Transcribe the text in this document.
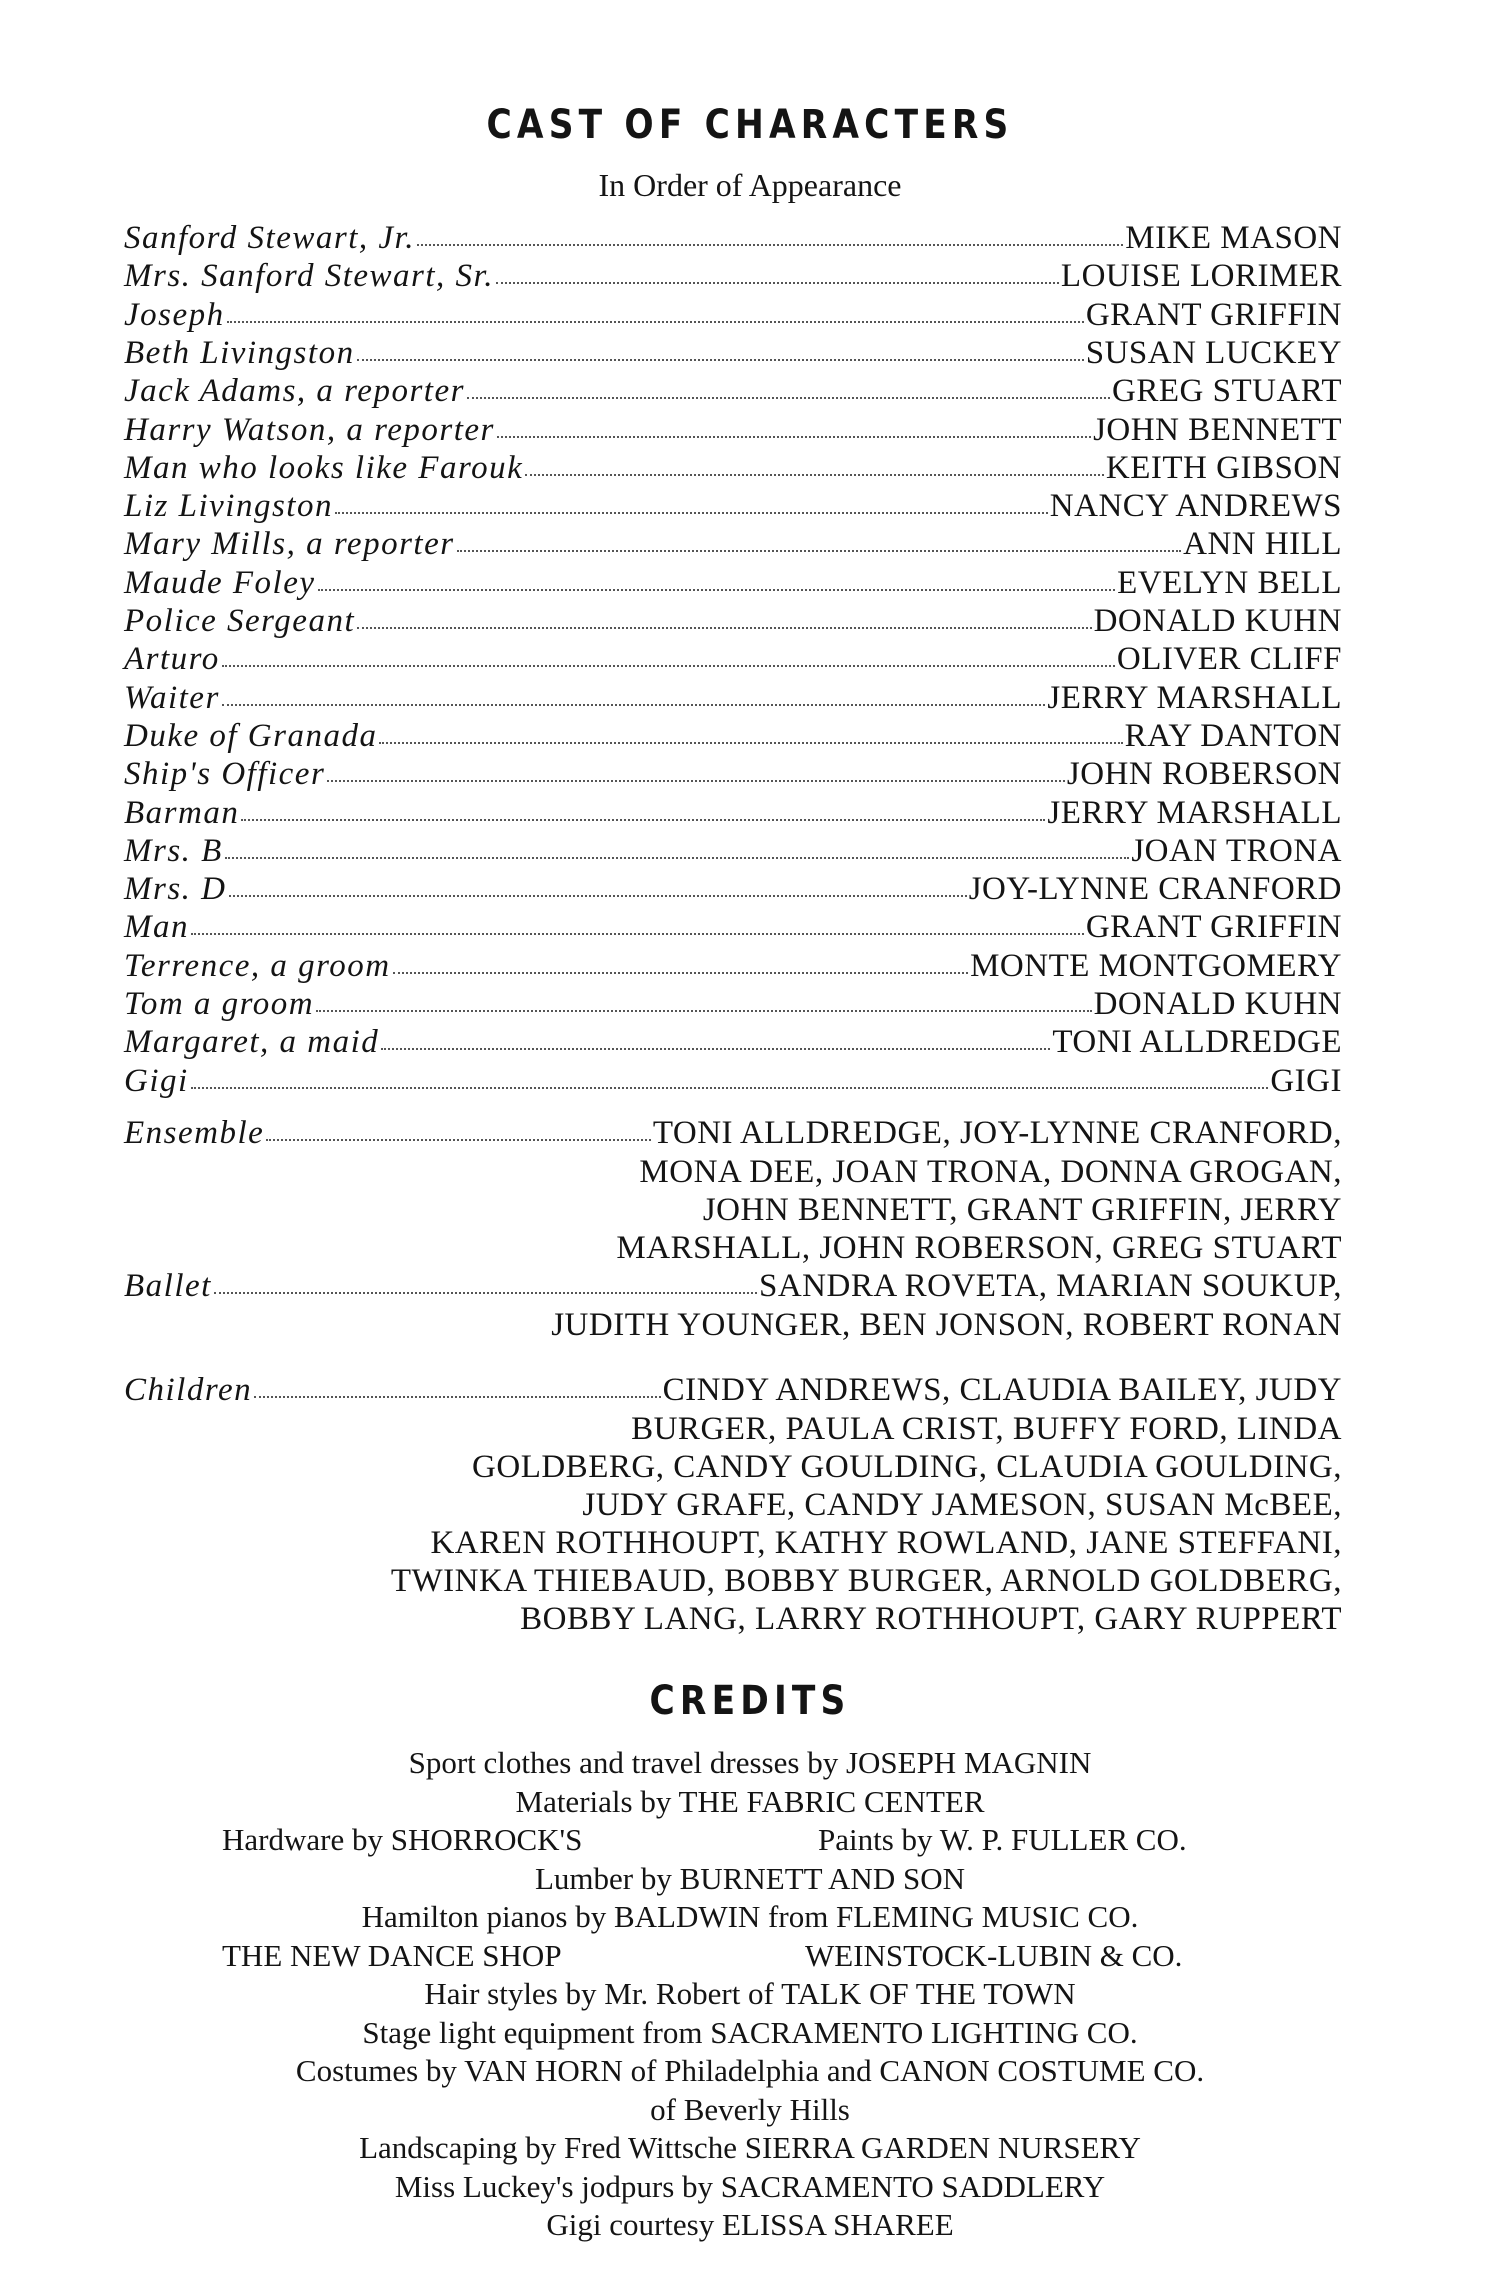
CAST OF CHARACTERS
In Order of Appearance
Sanford Stewart, Jr.	MIKE MASON
Mrs. Sanford Stewart, Sr.	LOUISE LORIMER
Joseph	GRANT GRIFFIN
Beth Livingston	SUSAN LUCKEY
Jack Adams, a reporter	GREG STUART
Harry Watson, a reporter	JOHN BENNETT
Man who looks like Farouk	KEITH GIBSON
Liz Livingston	NANCY ANDREWS
Mary Mills, a reporter	ANN HILL
Maude Foley	EVELYN BELL
Police Sergeant	DONALD KUHN
Arturo	OLIVER CLIFF
Waiter	JERRY MARSHALL
Duke of Granada	RAY DANTON
Ship's Officer	JOHN ROBERSON
Barman	JERRY MARSHALL
Mrs. B	JOAN TRONA
Mrs. D	JOY-LYNNE CRANFORD
Man	GRANT GRIFFIN
Terrence, a groom	MONTE MONTGOMERY
Tom a groom	DONALD KUHN
Margaret, a maid	TONI ALLDREDGE
Gigi	GIGI
Ensemble	TONI ALLDREDGE, JOY-LYNNE CRANFORD,
MONA DEE, JOAN TRONA, DONNA GROGAN,
JOHN BENNETT, GRANT GRIFFIN, JERRY
MARSHALL, JOHN ROBERSON, GREG STUART
Ballet	SANDRA ROVETA, MARIAN SOUKUP,
JUDITH YOUNGER, BEN JONSON, ROBERT RONAN
Children	CINDY ANDREWS, CLAUDIA BAILEY, JUDY
BURGER, PAULA CRIST, BUFFY FORD, LINDA
GOLDBERG, CANDY GOULDING, CLAUDIA GOULDING,
JUDY GRAFE, CANDY JAMESON, SUSAN McBEE,
KAREN ROTHHOUPT, KATHY ROWLAND, JANE STEFFANI,
TWINKA THIEBAUD, BOBBY BURGER, ARNOLD GOLDBERG,
BOBBY LANG, LARRY ROTHHOUPT, GARY RUPPERT
CREDITS
Sport clothes and travel dresses by JOSEPH MAGNIN
Materials by THE FABRIC CENTER
Hardware by SHORROCK'S	Paints by W. P. FULLER CO.
Lumber by BURNETT AND SON
Hamilton pianos by BALDWIN from FLEMING MUSIC CO.
THE NEW DANCE SHOP	WEINSTOCK-LUBIN & CO.
Hair styles by Mr. Robert of TALK OF THE TOWN
Stage light equipment from SACRAMENTO LIGHTING CO.
Costumes by VAN HORN of Philadelphia and CANON COSTUME CO.
of Beverly Hills
Landscaping by Fred Wittsche SIERRA GARDEN NURSERY
Miss Luckey's jodpurs by SACRAMENTO SADDLERY
Gigi courtesy ELISSA SHAREE
